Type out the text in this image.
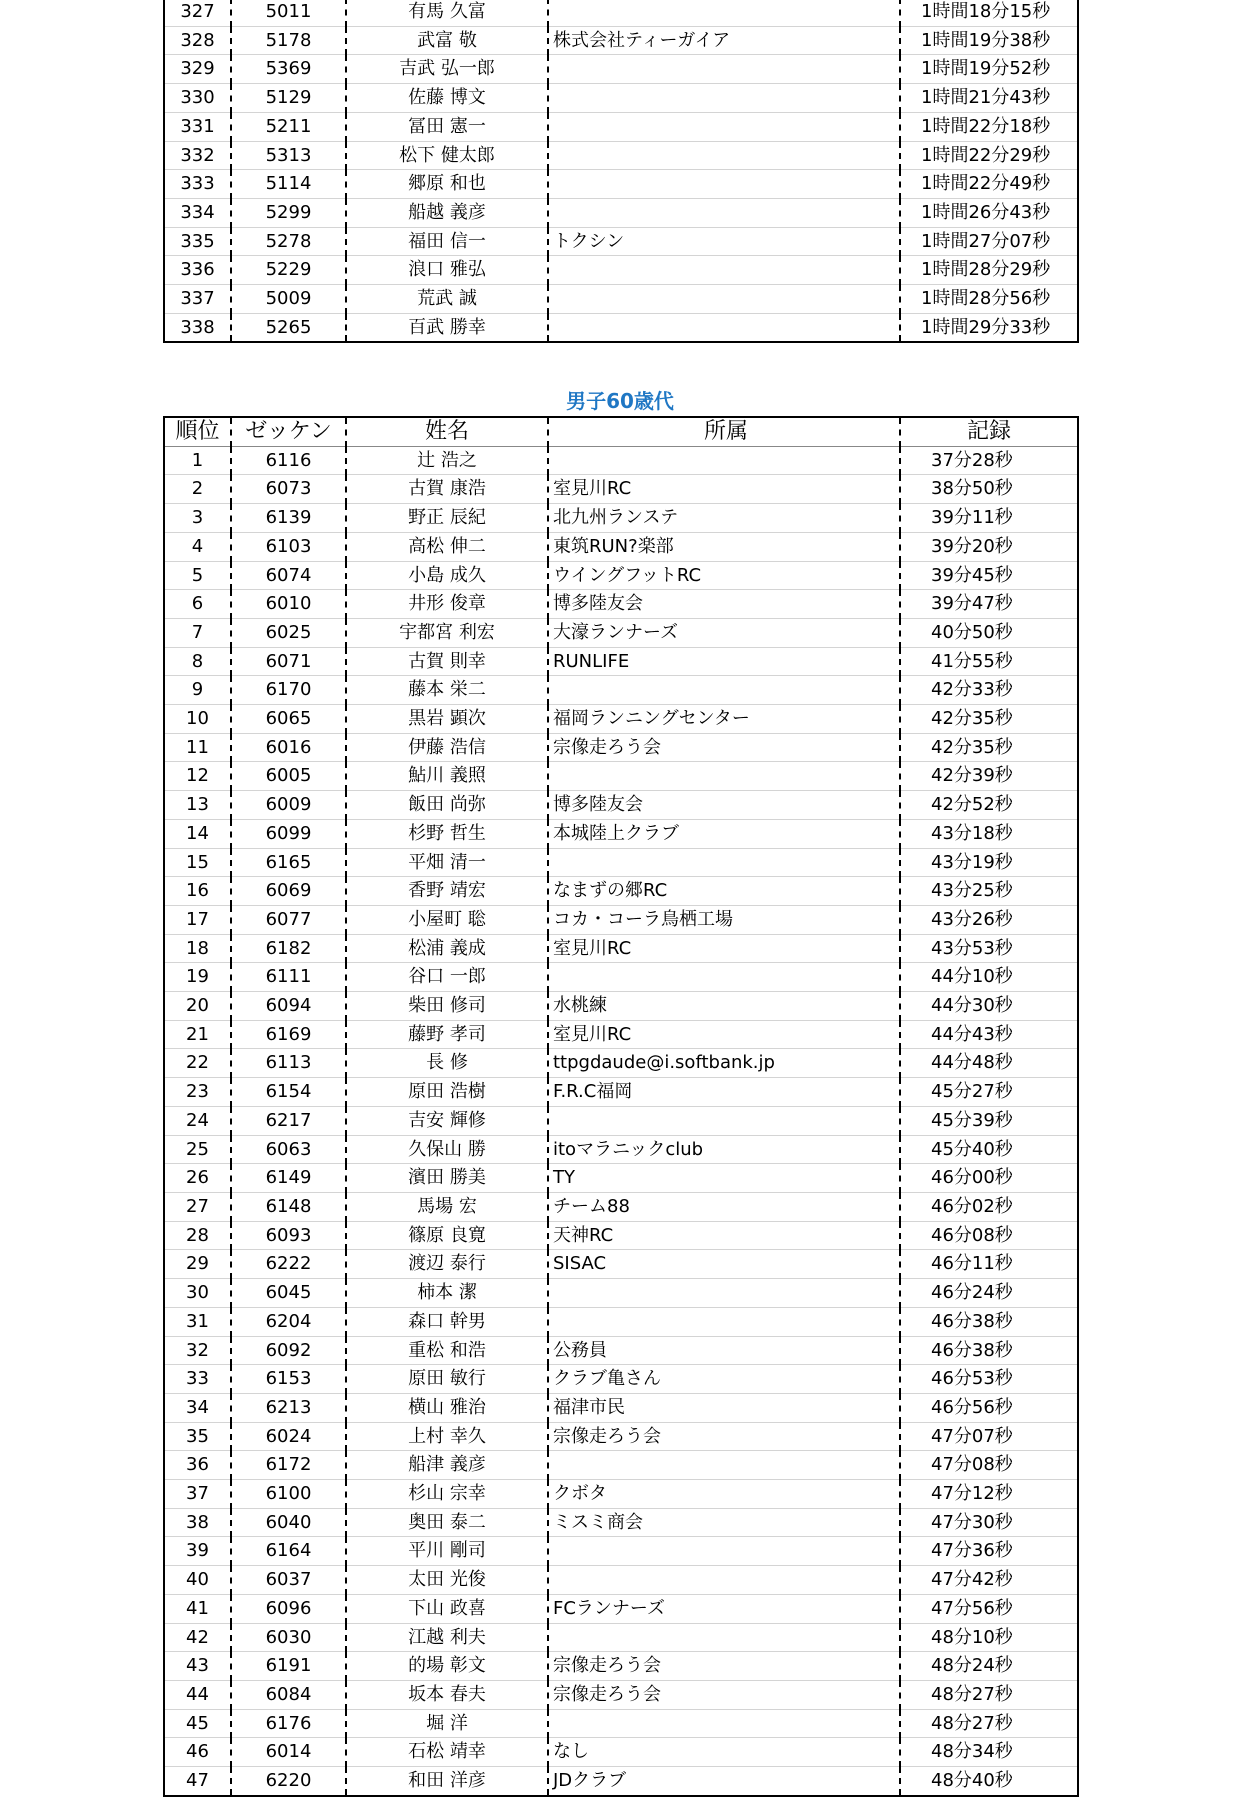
327	5011	有馬 久富		1時間18分15秒
328	5178	武富 敬	株式会社ティーガイア	1時間19分38秒
329	5369	吉武 弘一郎		1時間19分52秒
330	5129	佐藤 博文		1時間21分43秒
331	5211	冨田 憲一		1時間22分18秒
332	5313	松下 健太郎		1時間22分29秒
333	5114	郷原 和也		1時間22分49秒
334	5299	船越 義彦		1時間26分43秒
335	5278	福田 信一	トクシン	1時間27分07秒
336	5229	浪口 雅弘		1時間28分29秒
337	5009	荒武 誠		1時間28分56秒
338	5265	百武 勝幸		1時間29分33秒
男子60歳代
順位	ゼッケン	姓名	所属	記録
1	6116	辻 浩之		37分28秒
2	6073	古賀 康浩	室見川RC	38分50秒
3	6139	野正 辰紀	北九州ランステ	39分11秒
4	6103	高松 伸二	東筑RUN?楽部	39分20秒
5	6074	小島 成久	ウイングフットRC	39分45秒
6	6010	井形 俊章	博多陸友会	39分47秒
7	6025	宇都宮 利宏	大濠ランナーズ	40分50秒
8	6071	古賀 則幸	RUNLIFE	41分55秒
9	6170	藤本 栄二		42分33秒
10	6065	黒岩 顕次	福岡ランニングセンター	42分35秒
11	6016	伊藤 浩信	宗像走ろう会	42分35秒
12	6005	鮎川 義照		42分39秒
13	6009	飯田 尚弥	博多陸友会	42分52秒
14	6099	杉野 哲生	本城陸上クラブ	43分18秒
15	6165	平畑 清一		43分19秒
16	6069	香野 靖宏	なまずの郷RC	43分25秒
17	6077	小屋町 聡	コカ・コーラ鳥栖工場	43分26秒
18	6182	松浦 義成	室見川RC	43分53秒
19	6111	谷口 一郎		44分10秒
20	6094	柴田 修司	水桃練	44分30秒
21	6169	藤野 孝司	室見川RC	44分43秒
22	6113	長 修	ttpgdaude@i.softbank.jp	44分48秒
23	6154	原田 浩樹	F.R.C福岡	45分27秒
24	6217	吉安 輝修		45分39秒
25	6063	久保山 勝	itoマラニックclub	45分40秒
26	6149	濱田 勝美	TY	46分00秒
27	6148	馬場 宏	チーム88	46分02秒
28	6093	篠原 良寛	天神RC	46分08秒
29	6222	渡辺 泰行	SISAC	46分11秒
30	6045	柿本 潔		46分24秒
31	6204	森口 幹男		46分38秒
32	6092	重松 和浩	公務員	46分38秒
33	6153	原田 敏行	クラブ亀さん	46分53秒
34	6213	横山 雅治	福津市民	46分56秒
35	6024	上村 幸久	宗像走ろう会	47分07秒
36	6172	船津 義彦		47分08秒
37	6100	杉山 宗幸	クボタ	47分12秒
38	6040	奥田 泰二	ミスミ商会	47分30秒
39	6164	平川 剛司		47分36秒
40	6037	太田 光俊		47分42秒
41	6096	下山 政喜	FCランナーズ	47分56秒
42	6030	江越 利夫		48分10秒
43	6191	的場 彰文	宗像走ろう会	48分24秒
44	6084	坂本 春夫	宗像走ろう会	48分27秒
45	6176	堀 洋		48分27秒
46	6014	石松 靖幸	なし	48分34秒
47	6220	和田 洋彦	JDクラブ	48分40秒
